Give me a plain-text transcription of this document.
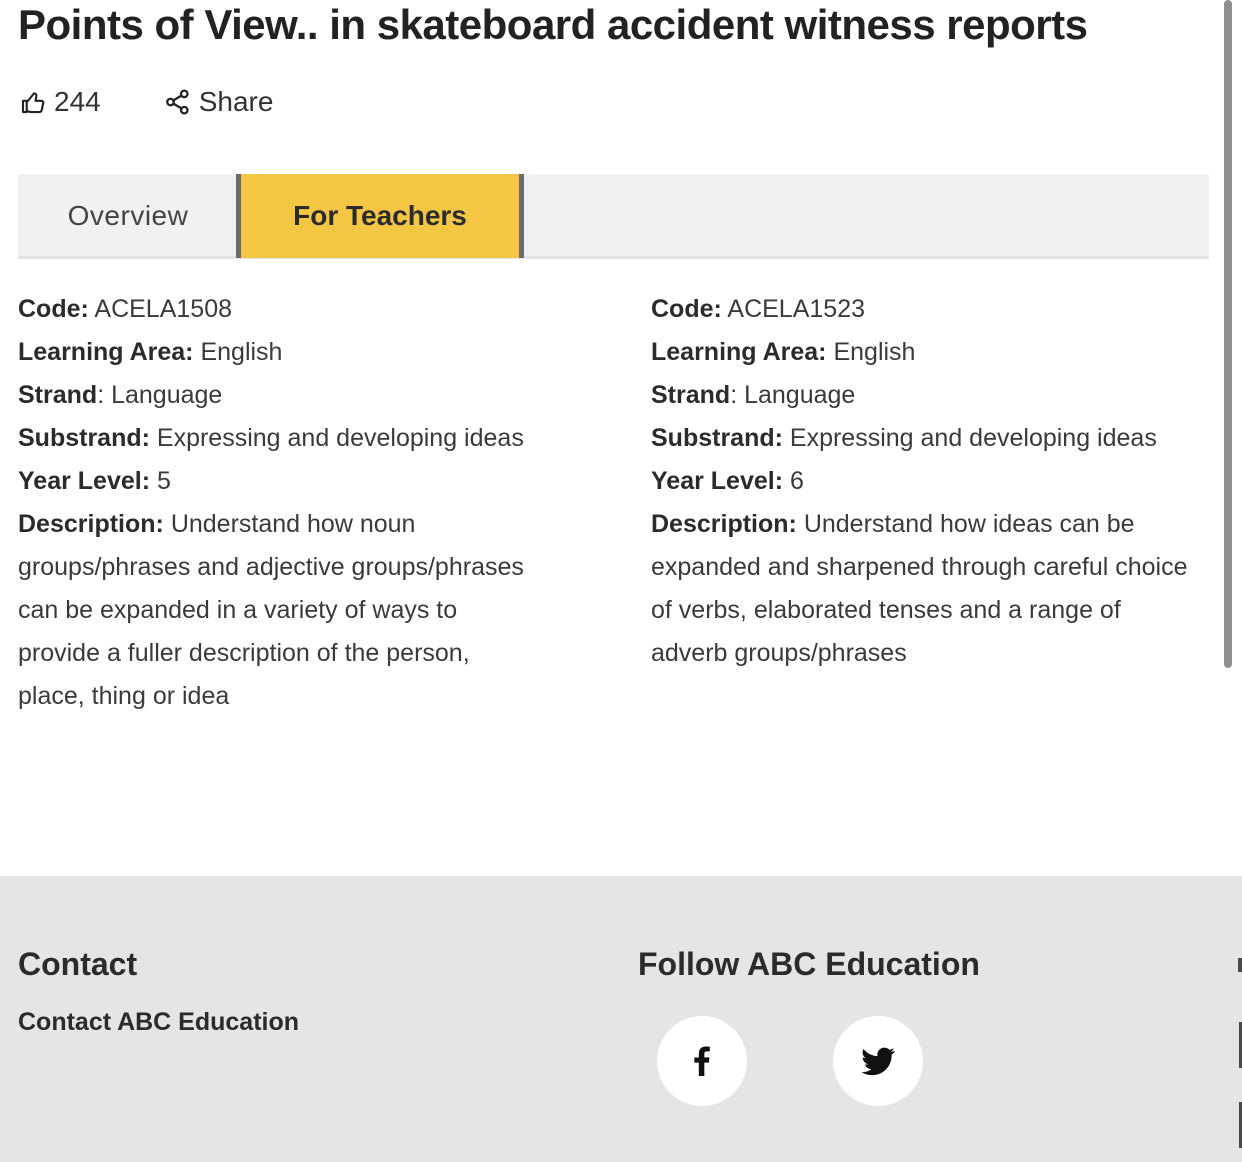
Points of View.. in skateboard accident witness reports
244	Share
Overview	For Teachers
Code: ACELA1508
Learning Area: English
Strand: Language
Substrand: Expressing and developing ideas
Year Level: 5
Description: Understand how noun groups/phrases and adjective groups/phrases can be expanded in a variety of ways to provide a fuller description of the person, place, thing or idea
Code: ACELA1523
Learning Area: English
Strand: Language
Substrand: Expressing and developing ideas
Year Level: 6
Description: Understand how ideas can be expanded and sharpened through careful choice of verbs, elaborated tenses and a range of adverb groups/phrases
Contact
Contact ABC Education
Follow ABC Education
